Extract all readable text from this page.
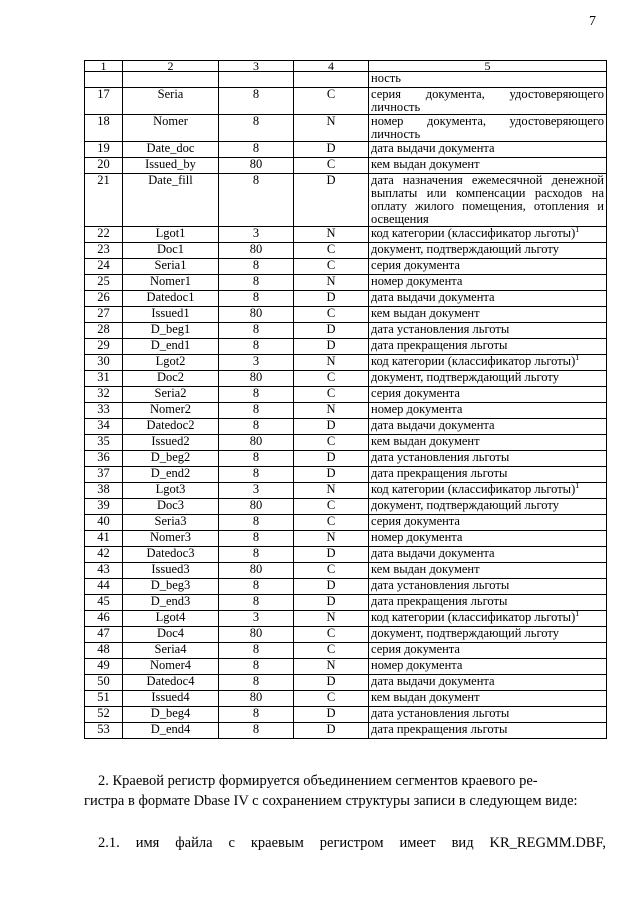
7
1	2	3	4	5
				ность
17	Seria	8	C	серия документа, удостоверяющего личность
18	Nomer	8	N	номер документа, удостоверяющего личность
19	Date_doc	8	D	дата выдачи документа
20	Issued_by	80	C	кем выдан документ
21	Date_fill	8	D	дата назначения ежемесячной денежной выплаты или компенсации расходов на оплату жилого помещения, отопления и освещения
22	Lgot1	3	N	код категории (классификатор льготы)$^1$
23	Doc1	80	C	документ, подтверждающий льготу
24	Seria1	8	C	серия документа
25	Nomer1	8	N	номер документа
26	Datedoc1	8	D	дата выдачи документа
27	Issued1	80	C	кем выдан документ
28	D_beg1	8	D	дата установления льготы
29	D_end1	8	D	дата прекращения льготы
30	Lgot2	3	N	код категории (классификатор льготы)$^1$
31	Doc2	80	C	документ, подтверждающий льготу
32	Seria2	8	C	серия документа
33	Nomer2	8	N	номер документа
34	Datedoc2	8	D	дата выдачи документа
35	Issued2	80	C	кем выдан документ
36	D_beg2	8	D	дата установления льготы
37	D_end2	8	D	дата прекращения льготы
38	Lgot3	3	N	код категории (классификатор льготы)$^1$
39	Doc3	80	C	документ, подтверждающий льготу
40	Seria3	8	C	серия документа
41	Nomer3	8	N	номер документа
42	Datedoc3	8	D	дата выдачи документа
43	Issued3	80	C	кем выдан документ
44	D_beg3	8	D	дата установления льготы
45	D_end3	8	D	дата прекращения льготы
46	Lgot4	3	N	код категории (классификатор льготы)$^1$
47	Doc4	80	C	документ, подтверждающий льготу
48	Seria4	8	C	серия документа
49	Nomer4	8	N	номер документа
50	Datedoc4	8	D	дата выдачи документа
51	Issued4	80	C	кем выдан документ
52	D_beg4	8	D	дата установления льготы
53	D_end4	8	D	дата прекращения льготы
2. Краевой регистр формируется объединением сегментов краевого ре-
гистра в формате Dbase IV с сохранением структуры записи в следующем виде:
2.1. имя файла с краевым регистром имеет вид KR_REGMM.DBF,
